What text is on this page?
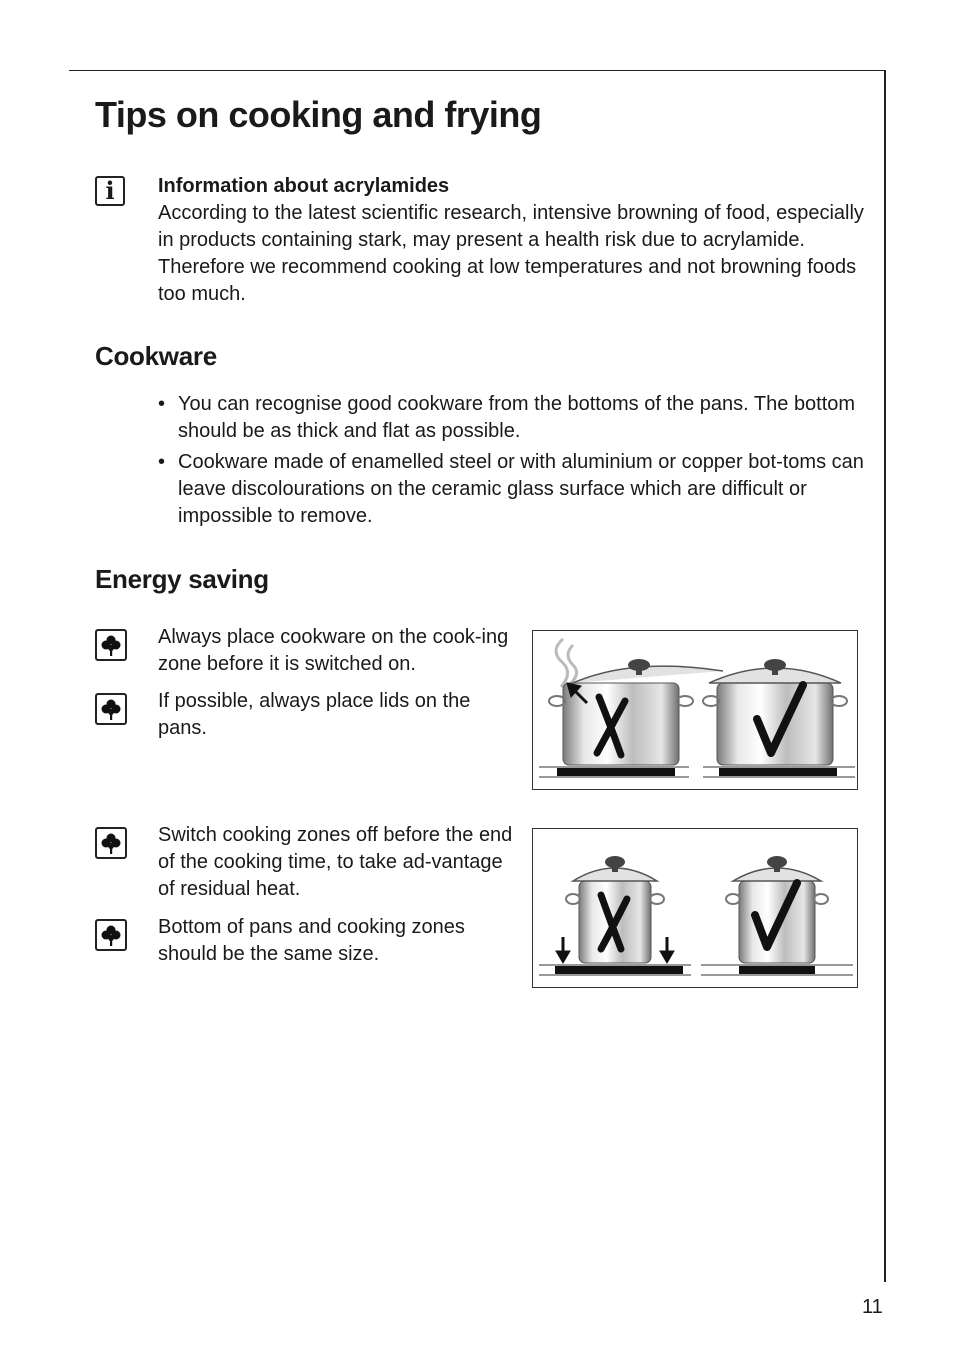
Tips on cooking and frying
i	Information about acrylamides
According to the latest scientific research, intensive browning of food, especially in products containing stark, may present a health risk due to acrylamide. Therefore we recommend cooking at low temperatures and not browning foods too much.
Cookware
• You can recognise good cookware from the bottoms of the pans. The bottom should be as thick and flat as possible.
• Cookware made of enamelled steel or with aluminium or copper bot-toms can leave discolourations on the ceramic glass surface which are difficult or impossible to remove.
Energy saving
Always place cookware on the cook-ing zone before it is switched on.
If possible, always place lids on the pans.
Switch cooking zones off before the end of the cooking time, to take ad-vantage of residual heat.
Bottom of pans and cooking zones should be the same size.
11
